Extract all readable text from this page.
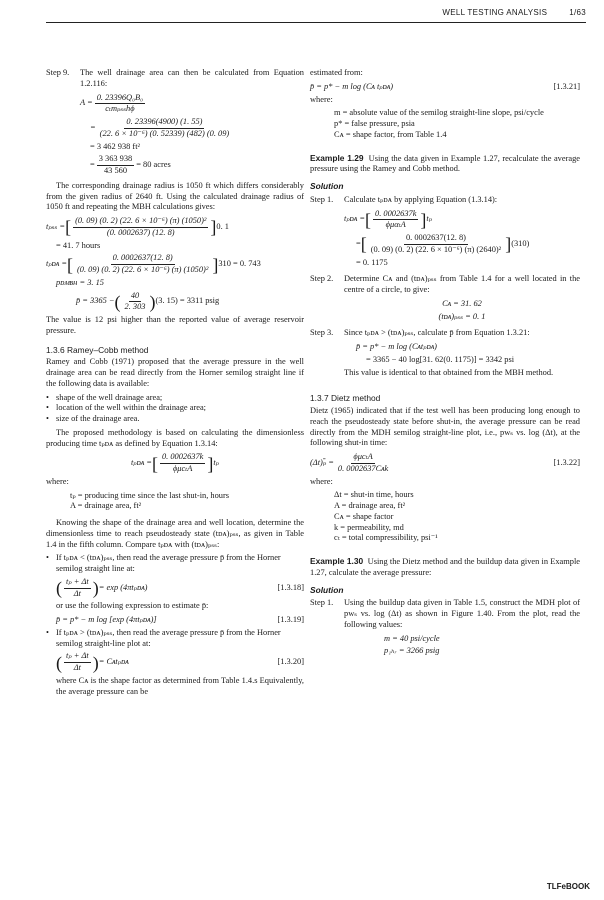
WELL TESTING ANALYSIS	1/63
Step 9.	The well drainage area can then be calculated from Equation 1.2.116:

$A = \frac{\text{0. 23396Q₀B₀}}{\text{cₜmₚₛₛhϕ}}$
= $\frac{0. 23396(4900) (1. 55)}{\text{(22. 6 × 10⁻⁶) (0. 52339) (482) (0. 09)}}$
= 3 462 938 ft²
= $\frac{3 363 938}{43 560} = 80$ acres

The corresponding drainage radius is 1050 ft which differs considerably from the given radius of 2640 ft. Using the calculated drainage radius of 1050 ft and repeating the MBH calculations gives:

tₚₛₛ = [ $\frac{\text{(0. 09) (0. 2) (22. 6 × 10⁻⁶) (π) (1050)²}}{(0. 0002637) (12. 8)}$ ] 0. 1
= 41. 7 hours
tₚᴅᴀ = [ $\frac{0. 0002637(12. 8)}{\text{(0. 09) (0. 2) (22. 6 × 10⁻⁶) (π) (1050)²}}$ ] 310 = 0. 743
pᴅᴍʙʜ = 3. 15
p̄ = 3365 − ( $\frac{40}{2. 303}$ ) (3. 15) = 3311 psig

The value is 12 psi higher than the reported value of average reservoir pressure.

1.3.6 Ramey–Cobb method

Ramey and Cobb (1971) proposed that the average pressure in the well drainage area can be read directly from the Horner semilog straight line if the following data is available:

• shape of the well drainage area;
• location of the well within the drainage area;
• size of the drainage area.

The proposed methodology is based on calculating the dimensionless producing time tₚᴅᴀ as defined by Equation 1.3.14:

tₚᴅᴀ = [ $\frac{0. 0002637k}{\text{ϕμcₜA}}$ ] tₚ

where:

tₚ = producing time since the last shut-in, hours
A = drainage area, ft²

Knowing the shape of the drainage area and well location, determine the dimensionless time to reach pseudosteady state (tᴅᴀ)ₚₛₛ, as given in Table 1.4 in the fifth column. Compare tₚᴅᴀ with (tᴅᴀ)ₚₛₛ:

• If tₚᴅᴀ < (tᴅᴀ)ₚₛₛ, then read the average pressure p̄ from the Horner semilog straight line at:
( $\frac{\text{tₚ + Δt}}{\Delta t}$ ) = exp (4πtₚᴅᴀ)	[1.3.18]

or use the following expression to estimate p̄:

p̄ = p* − m log [exp (4πtₚᴅᴀ)]	[1.3.19]
• If tₚᴅᴀ > (tᴅᴀ)ₚₛₛ, then read the average pressure p̄ from the Horner semilog straight-line plot at:
( $\frac{\text{tₚ + Δt}}{\Delta t}$ ) = Cᴀtₚᴅᴀ	[1.3.20]

where Cᴀ is the shape factor as determined from Table 1.4.s Equivalently, the average pressure can be

estimated from:

p̄ = p* − m log (Cᴀ tₚᴅᴀ)	[1.3.21]

where:

m = absolute value of the semilog straight-line slope, psi/cycle
p* = false pressure, psia
Cᴀ = shape factor, from Table 1.4

Example 1.29 Using the data given in Example 1.27, recalculate the average pressure using the Ramey and Cobb method.

Solution
Step 1.	Calculate tₚᴅᴀ by applying Equation (1.3.14):

tₚᴅᴀ = [ $\frac{0. 0002637k}{\text{ϕμαₜA}}$ ] tₚ
= [ $\frac{0. 0002637(12. 8)}{\text{(0. 09) (0. 2) (22. 6 × 10⁻⁶) (π) (2640)²}}$ ] (310)
= 0. 1175
Step 2.	Determine Cᴀ and (tᴅᴀ)ₚₛₛ from Table 1.4 for a well located in the centre of a circle, to give:

Cᴀ = 31. 62
(tᴅᴀ)ₚₛₛ = 0. 1
Step 3.	Since tₚᴅᴀ > (tᴅᴀ)ₚₛₛ, calculate p̄ from Equation 1.3.21:

p̄ = p* − m log (Cᴀtₚᴅᴀ)
= 3365 − 40 log[31. 62(0. 1175)] = 3342 psi

This value is identical to that obtained from the MBH method.

1.3.7 Dietz method

Dietz (1965) indicated that if the test well has been producing long enough to reach the pseudosteady state before shut-in, the average pressure can be read directly from the MDH semilog straight-line plot, i.e., pᴡₛ vs. log (Δt), at the following shut-in time:

(Δt)ₚ̄ = $\frac{\text{ϕμcₜA}}{\text{0. 0002637Cᴀk}}$	[1.3.22]

where:

Δt = shut-in time, hours
A = drainage area, ft²
Cᴀ = shape factor
k = permeability, md
cₜ = total compressibility, psi⁻¹

Example 1.30 Using the Dietz method and the buildup data given in Example 1.27, calculate the average pressure:

Solution
Step 1.	Using the buildup data given in Table 1.5, construct the MDH plot of pᴡₛ vs. log (Δt) as shown in Figure 1.40. From the plot, read the following values:

m = 40 psi/cycle
p₁ₕᵣ = 3266 psig
TLFeBOOK
